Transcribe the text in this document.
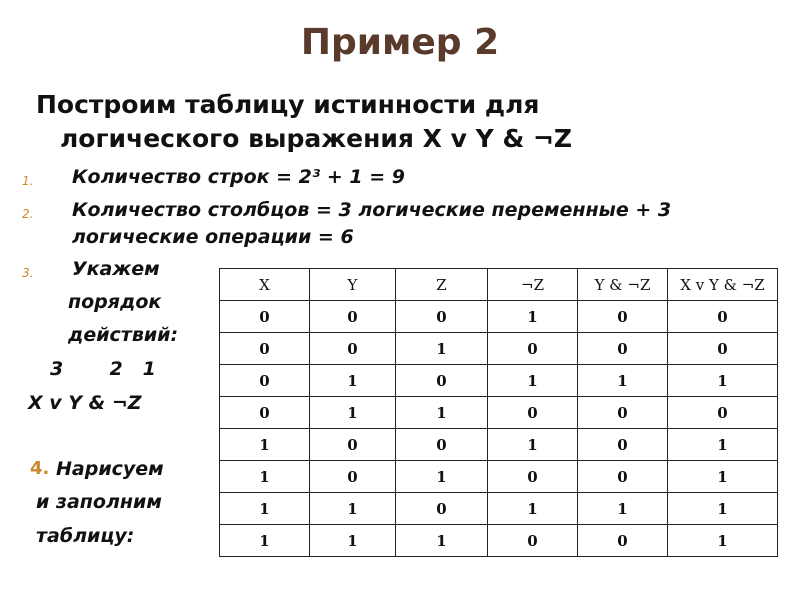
Пример 2
Построим таблицу истинности для
логического выражения X v Y & ¬Z
1. Количество строк = 2³ + 1 = 9
2. Количество столбцов = 3 логические переменные + 3
логические операции = 6
3. Укажем
порядок
действий:
3       2   1
X v Y & ¬Z
4. Нарисуем
и заполним
таблицу:
X	Y	Z	¬Z	Y & ¬Z	X v Y & ¬Z
0	0	0	1	0	0
0	0	1	0	0	0
0	1	0	1	1	1
0	1	1	0	0	0
1	0	0	1	0	1
1	0	1	0	0	1
1	1	0	1	1	1
1	1	1	0	0	1
